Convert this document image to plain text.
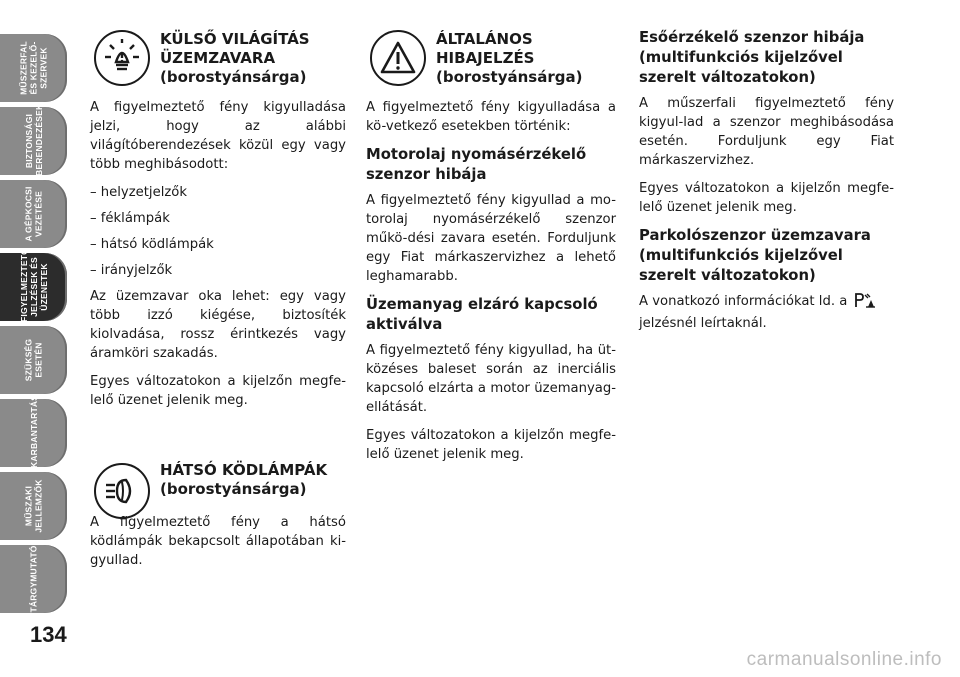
MŰSZERFAL
ÉS KEZELŐ-
SZERVEK
BIZTONSÁGI
BERENDEZÉSEK
A GÉPKOCSI
VEZETÉSE
FIGYELMEZTETŐ
JELZÉSEK ÉS
ÜZENETEK
SZÜKSÉG
ESETÉN
KARBANTARTÁS
MŰSZAKI
JELLEMZŐK
TÁRGYMUTATÓ
134
KÜLSŐ VILÁGÍTÁS
ÜZEMZAVARA
(borostyánsárga)

A figyelmeztető fény kigyulladása jelzi, hogy az alábbi világítóberendezések közül egy vagy több meghibásodott:

– helyzetjelzők
– féklámpák
– hátsó ködlámpák
– irányjelzők

Az üzemzavar oka lehet: egy vagy több izzó kiégése, biztosíték kiolvadása, rossz érintkezés vagy áramköri szakadás.

Egyes változatokon a kijelzőn megfe-lelő üzenet jelenik meg.

HÁTSÓ KÖDLÁMPÁK
(borostyánsárga)

A figyelmeztető fény a hátsó ködlámpák bekapcsolt állapotában ki-gyullad.

ÁLTALÁNOS
HIBAJELZÉS
(borostyánsárga)

A figyelmeztető fény kigyulladása a kö-vetkező esetekben történik:

Motorolaj nyomásérzékelő szenzor hibája

A figyelmeztető fény kigyullad a mo-torolaj nyomásérzékelő szenzor műkö-dési zavara esetén. Forduljunk egy Fiat márkaszervizhez a lehető leghamarabb.

Üzemanyag elzáró kapcsoló aktiválva

A figyelmeztető fény kigyullad, ha üt-közéses baleset során az inerciális kapcsoló elzárta a motor üzemanyag-ellátását.

Egyes változatokon a kijelzőn megfe-lelő üzenet jelenik meg.

Esőérzékelő szenzor hibája (multifunkciós kijelzővel szerelt változatokon)

A műszerfali figyelmeztető fény kigyul-lad a szenzor meghibásodása esetén. Forduljunk egy Fiat márkaszervizhez.

Egyes változatokon a kijelzőn megfe-lelő üzenet jelenik meg.

Parkolószenzor üzemzavara (multifunkciós kijelzővel szerelt változatokon)

A vonatkozó információkat ld. a
jelzésnél leírtaknál.

carmanualsonline.info
